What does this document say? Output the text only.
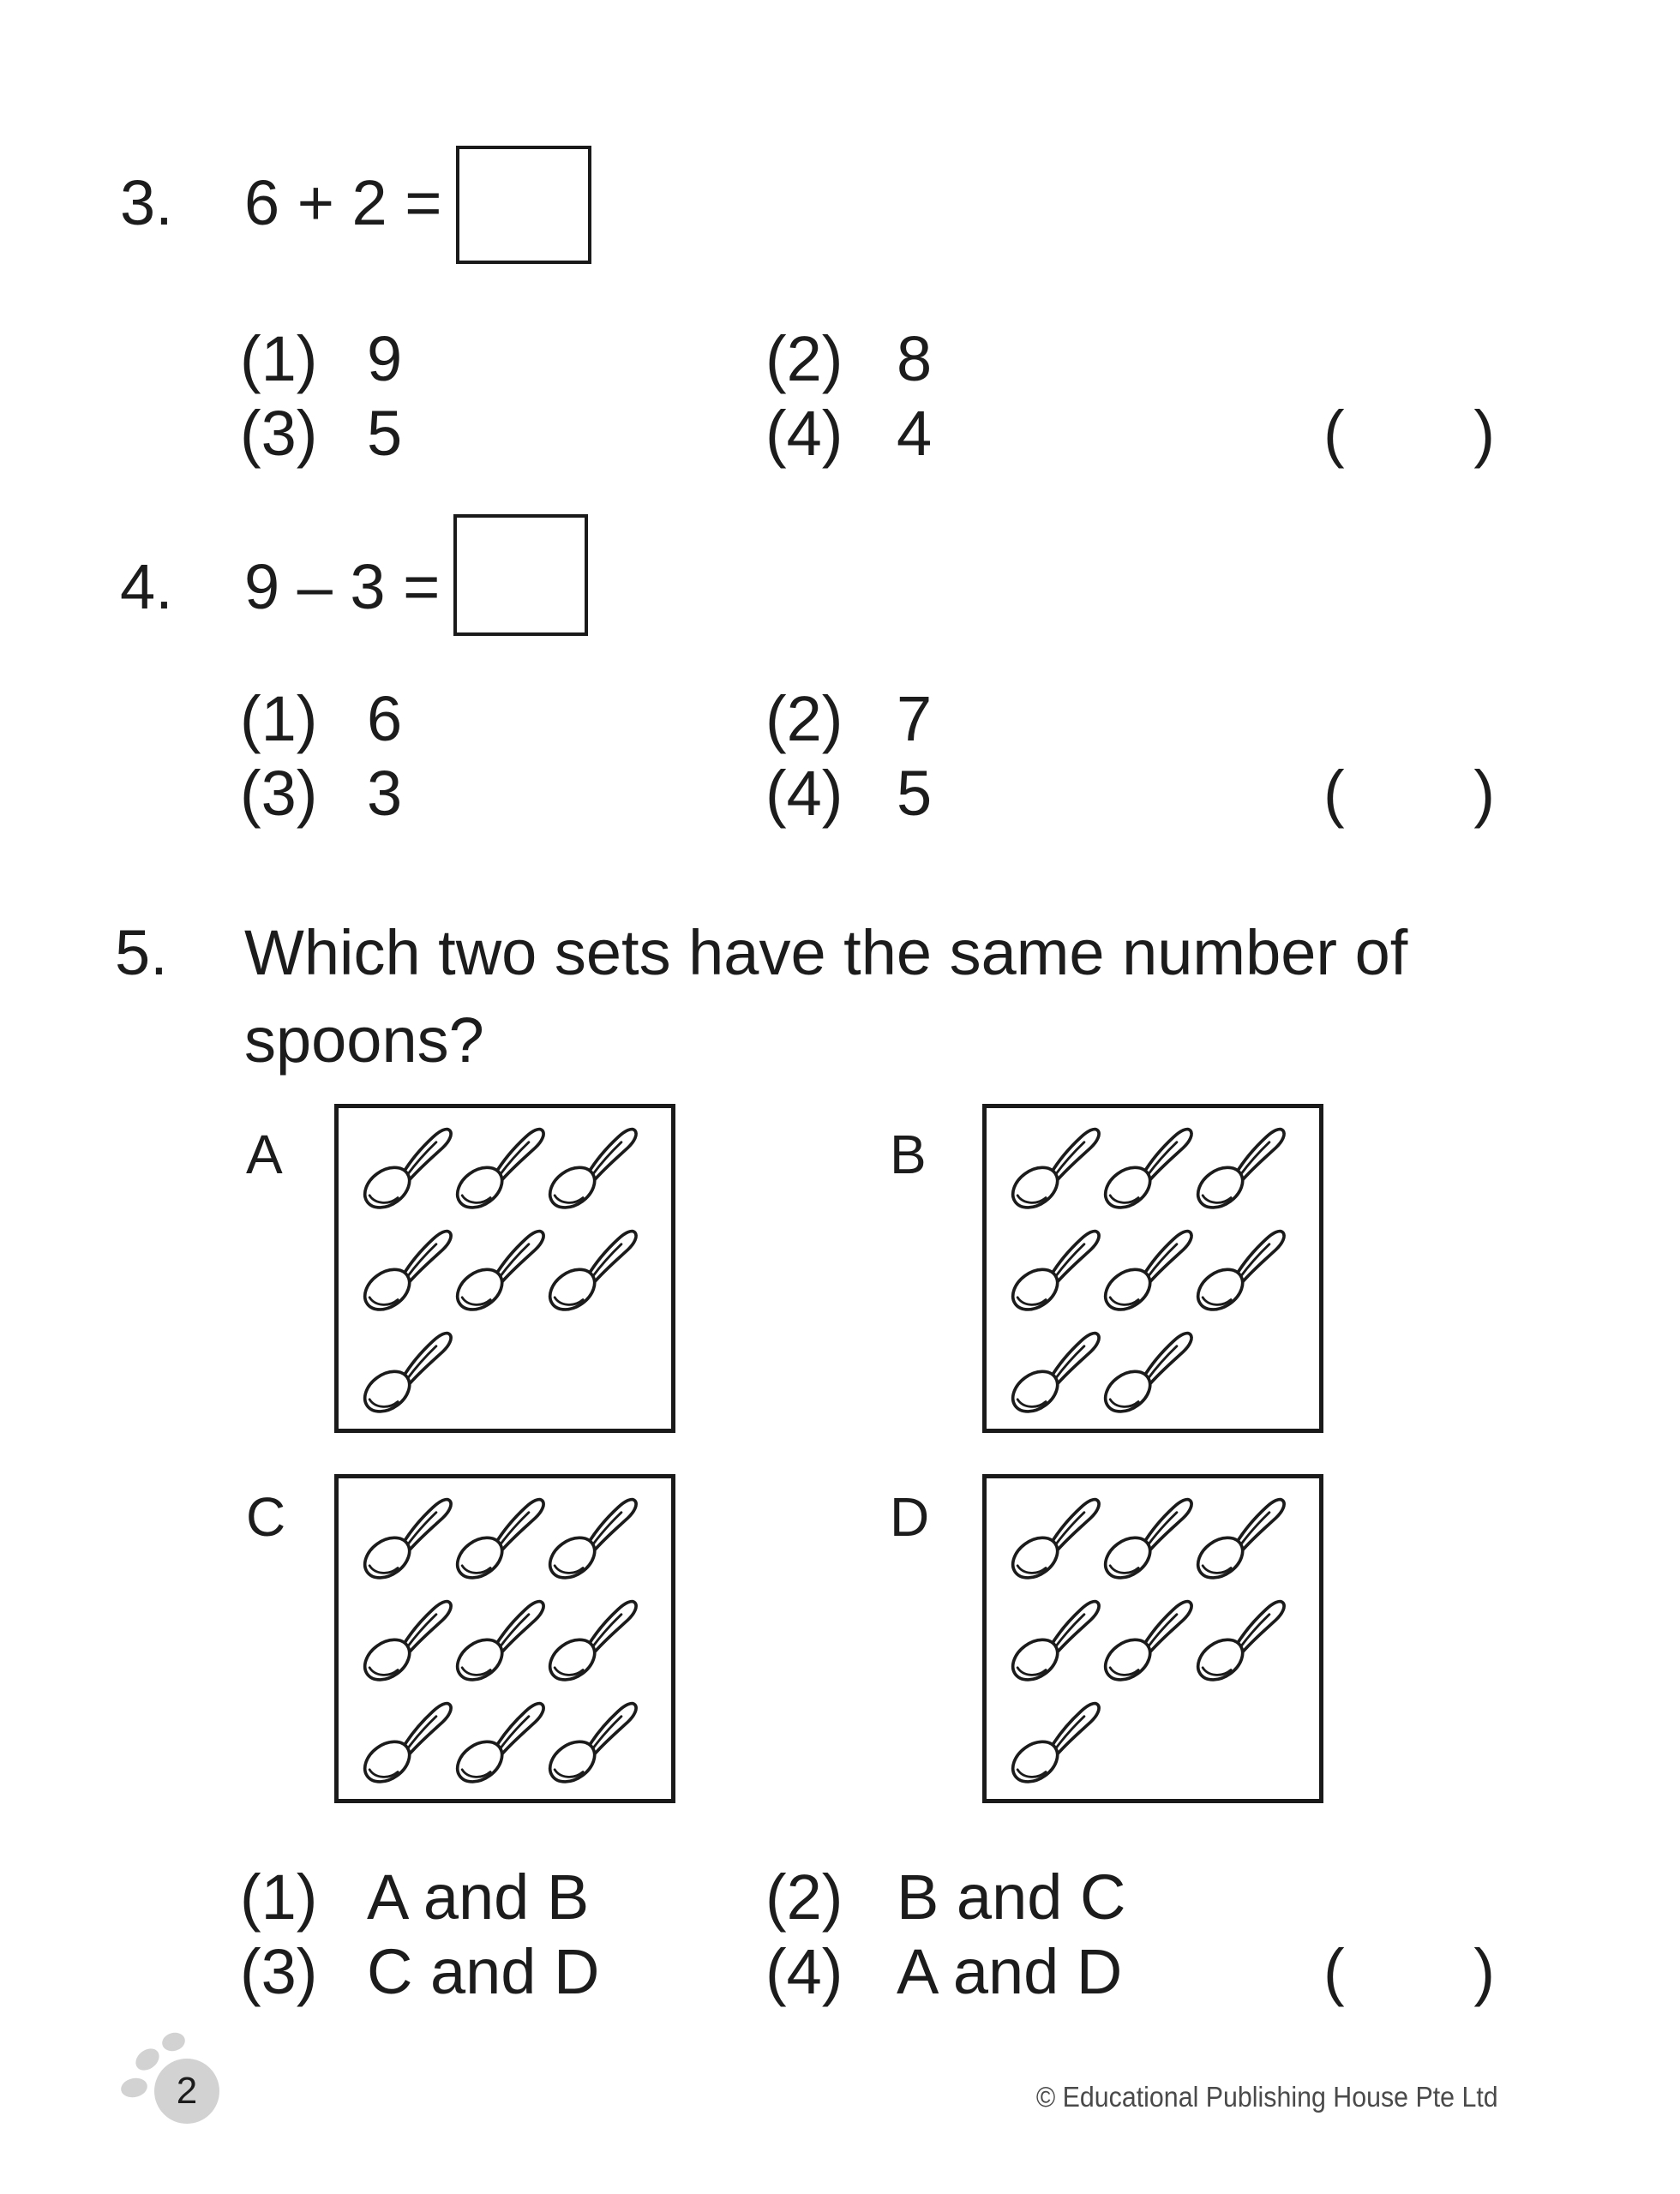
3. 6 + 2 =
(1) 9	(2) 8
(3) 5	(4) 4	( )
4. 9 – 3 =
(1) 6	(2) 7
(3) 3	(4) 5	( )
5. Which two sets have the same number of
spoons?
A	B
C	D
(1) A and B	(2) B and C
(3) C and D	(4) A and D	( )
2	© Educational Publishing House Pte Ltd
